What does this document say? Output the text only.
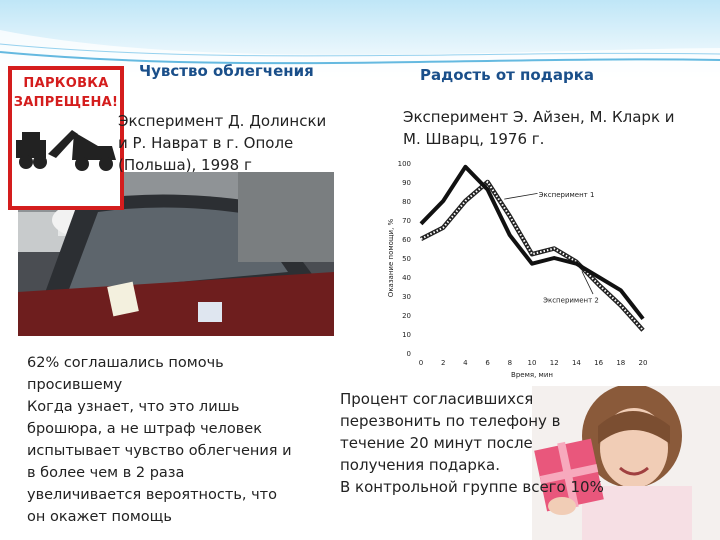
Чувство облегчения	Радость от подарка
ПАРКОВКА
ЗАПРЕЩЕНА!

Эксперимент Д. Долински
и Р. Наврат в г. Ополе
(Польша), 1998 г

62% соглашались помочь
просившему
Когда узнает, что это лишь
брошюра, а не штраф человек
испытывает чувство облегчения и
в более чем в 2 раза
увеличивается вероятность, что
он окажет помощь

Эксперимент Э. Айзен, М. Кларк и
М. Шварц, 1976 г.

0
10
20
30
40
50
60
70
80
90
100
0	2	4	6	8 10 12 14 16 18 20
Время, мин
Оказание помощи, %
Эксперимент 1
Эксперимент 2

Процент согласившихся
перезвонить по телефону в
течение 20 минут после
получения подарка.
В контрольной группе всего 10%
